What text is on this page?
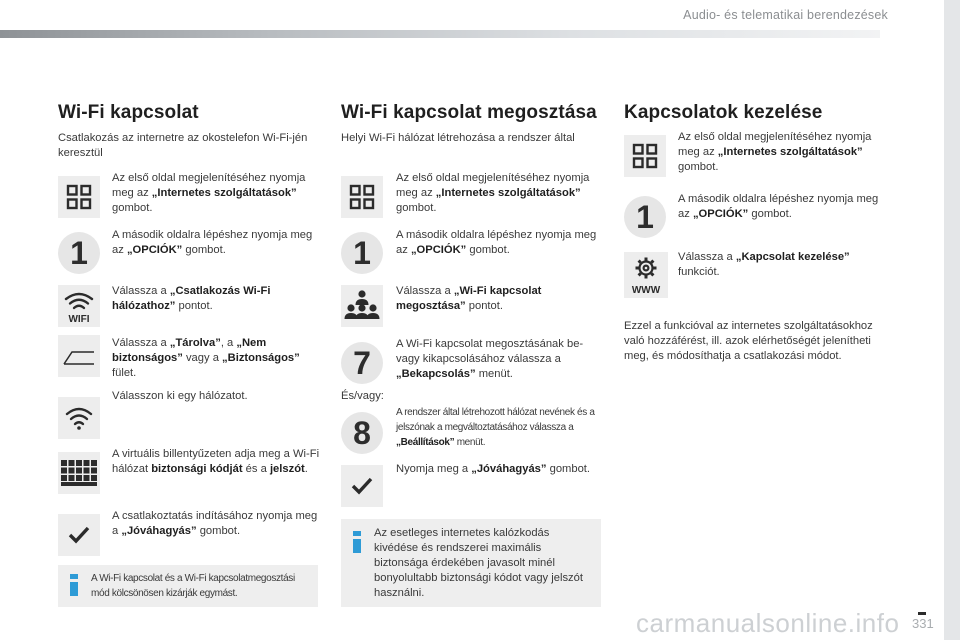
Audio- és telematikai berendezések
Wi-Fi kapcsolat
Csatlakozás az internetre az okostelefon Wi-Fi-jén keresztül
Az első oldal megjelenítéséhez nyomja meg az „Internetes szolgáltatások” gombot.
1	A második oldalra lépéshez nyomja meg az „OPCIÓK” gombot.
WIFI
Válassza a „Csatlakozás Wi-Fi hálózathoz” pontot.
Válassza a „Tárolva”, a „Nem biztonságos” vagy a „Biztonságos” fület.
Válasszon ki egy hálózatot.
A virtuális billentyűzeten adja meg a Wi-Fi hálózat biztonsági kódját és a jelszót.
A csatlakoztatás indításához nyomja meg a „Jóváhagyás” gombot.
A Wi-Fi kapcsolat és a Wi-Fi kapcsolatmegosztási mód kölcsönösen kizárják egymást.
Wi-Fi kapcsolat megosztása
Helyi Wi-Fi hálózat létrehozása a rendszer által
Az első oldal megjelenítéséhez nyomja meg az „Internetes szolgáltatások” gombot.
1	A második oldalra lépéshez nyomja meg az „OPCIÓK” gombot.
Válassza a „Wi-Fi kapcsolat megosztása” pontot.
7
A Wi-Fi kapcsolat megosztásának be- vagy kikapcsolásához válassza a „Bekapcsolás” menüt.
És/vagy:
8
A rendszer által létrehozott hálózat nevének és a jelszónak a megváltoztatásához válassza a „Beállítások” menüt.
Nyomja meg a „Jóváhagyás” gombot.
Az esetleges internetes kalózkodás kivédése és rendszerei maximális biztonsága érdekében javasolt minél bonyolultabb biztonsági kódot vagy jelszót használni.
Kapcsolatok kezelése
Az első oldal megjelenítéséhez nyomja meg az „Internetes szolgáltatások” gombot.
1	A második oldalra lépéshez nyomja meg az „OPCIÓK” gombot.
WWW
Válassza a „Kapcsolat kezelése” funkciót.
Ezzel a funkcióval az internetes szolgáltatásokhoz való hozzáférést, ill. azok elérhetőségét jelenítheti meg, és módosíthatja a csatlakozási módot.
carmanualsonline.info 331
